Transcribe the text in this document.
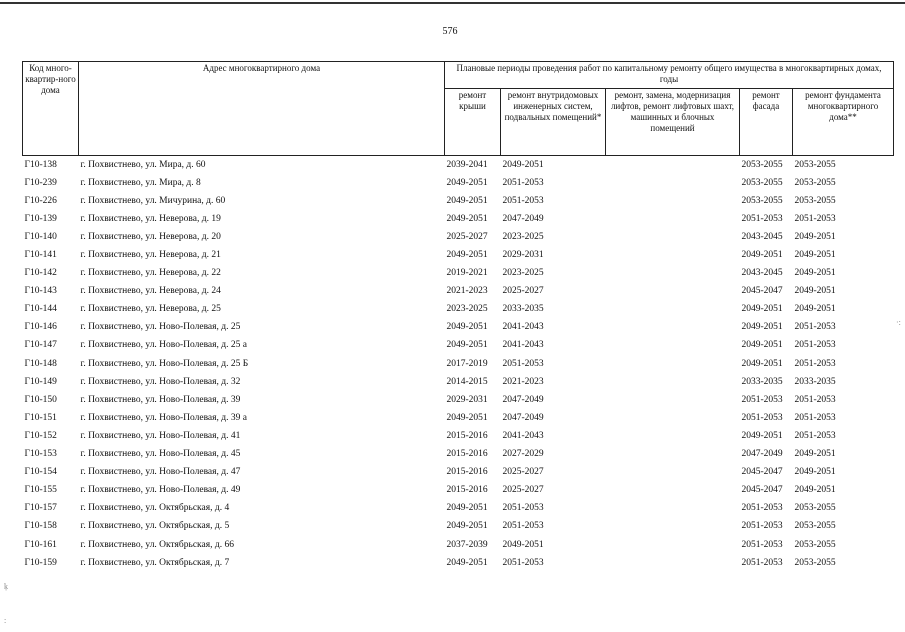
576
Код много-квартир-ного дома	Адрес многоквартирного дома	Плановые периоды проведения работ по капитальному ремонту общего имущества в многоквартирных домах, годы				
		ремонт крыши	ремонт внутридомовых инженерных систем, подвальных помещений*	ремонт, замена, модернизация лифтов, ремонт лифтовых шахт, машинных и блочных помещений	ремонт фасада	ремонт фундамента многоквартирного дома**
Г10-138	г. Похвистнево, ул. Мира, д. 60	2039-2041	2049-2051		2053-2055	2053-2055
Г10-239	г. Похвистнево, ул. Мира, д. 8	2049-2051	2051-2053		2053-2055	2053-2055
Г10-226	г. Похвистнево, ул. Мичурина, д. 60	2049-2051	2051-2053		2053-2055	2053-2055
Г10-139	г. Похвистнево, ул. Неверова, д. 19	2049-2051	2047-2049		2051-2053	2051-2053
Г10-140	г. Похвистнево, ул. Неверова, д. 20	2025-2027	2023-2025		2043-2045	2049-2051
Г10-141	г. Похвистнево, ул. Неверова, д. 21	2049-2051	2029-2031		2049-2051	2049-2051
Г10-142	г. Похвистнево, ул. Неверова, д. 22	2019-2021	2023-2025		2043-2045	2049-2051
Г10-143	г. Похвистнево, ул. Неверова, д. 24	2021-2023	2025-2027		2045-2047	2049-2051
Г10-144	г. Похвистнево, ул. Неверова, д. 25	2023-2025	2033-2035		2049-2051	2049-2051
Г10-146	г. Похвистнево, ул. Ново-Полевая, д. 25	2049-2051	2041-2043		2049-2051	2051-2053
Г10-147	г. Похвистнево, ул. Ново-Полевая, д. 25 а	2049-2051	2041-2043		2049-2051	2051-2053
Г10-148	г. Похвистнево, ул. Ново-Полевая, д. 25 Б	2017-2019	2051-2053		2049-2051	2051-2053
Г10-149	г. Похвистнево, ул. Ново-Полевая, д. 32	2014-2015	2021-2023		2033-2035	2033-2035
Г10-150	г. Похвистнево, ул. Ново-Полевая, д. 39	2029-2031	2047-2049		2051-2053	2051-2053
Г10-151	г. Похвистнево, ул. Ново-Полевая, д. 39 а	2049-2051	2047-2049		2051-2053	2051-2053
Г10-152	г. Похвистнево, ул. Ново-Полевая, д. 41	2015-2016	2041-2043		2049-2051	2051-2053
Г10-153	г. Похвистнево, ул. Ново-Полевая, д. 45	2015-2016	2027-2029		2047-2049	2049-2051
Г10-154	г. Похвистнево, ул. Ново-Полевая, д. 47	2015-2016	2025-2027		2045-2047	2049-2051
Г10-155	г. Похвистнево, ул. Ново-Полевая, д. 49	2015-2016	2025-2027		2045-2047	2049-2051
Г10-157	г. Похвистнево, ул. Октябрьская, д. 4	2049-2051	2051-2053		2051-2053	2053-2055
Г10-158	г. Похвистнево, ул. Октябрьская, д. 5	2049-2051	2051-2053		2051-2053	2053-2055
Г10-161	г. Похвистнево, ул. Октябрьская, д. 66	2037-2039	2049-2051		2051-2053	2053-2055
Г10-159	г. Похвистнево, ул. Октябрьская, д. 7	2049-2051	2051-2053		2051-2053	2053-2055
·:
ķ
:
